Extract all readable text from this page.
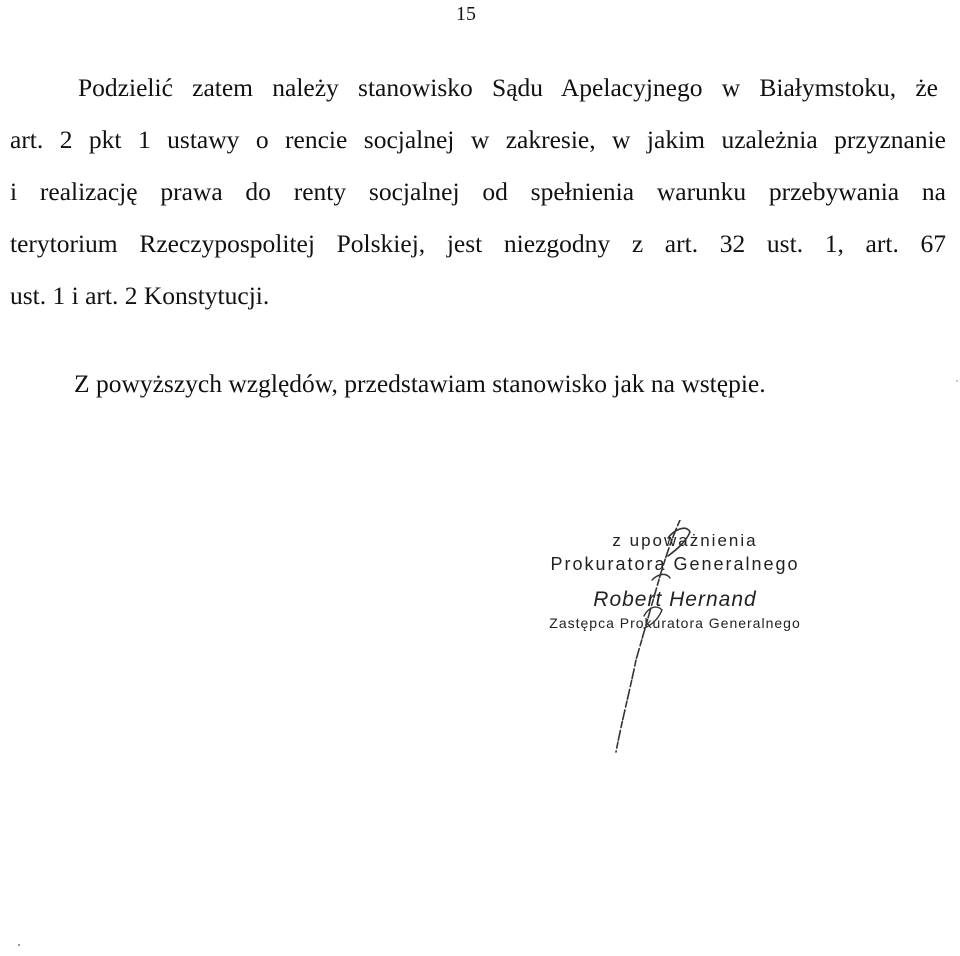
15
Podzielić zatem należy stanowisko Sądu Apelacyjnego w Białymstoku, że
art. 2 pkt 1 ustawy o rencie socjalnej w zakresie, w jakim uzależnia przyznanie
i realizację prawa do renty socjalnej od spełnienia warunku przebywania na
terytorium Rzeczypospolitej Polskiej, jest niezgodny z art. 32 ust. 1, art. 67
ust. 1 i art. 2 Konstytucji.
Z powyższych względów, przedstawiam stanowisko jak na wstępie.
z upoważnienia
Prokuratora Generalnego
Robert Hernand
Zastępca Prokuratora Generalnego
